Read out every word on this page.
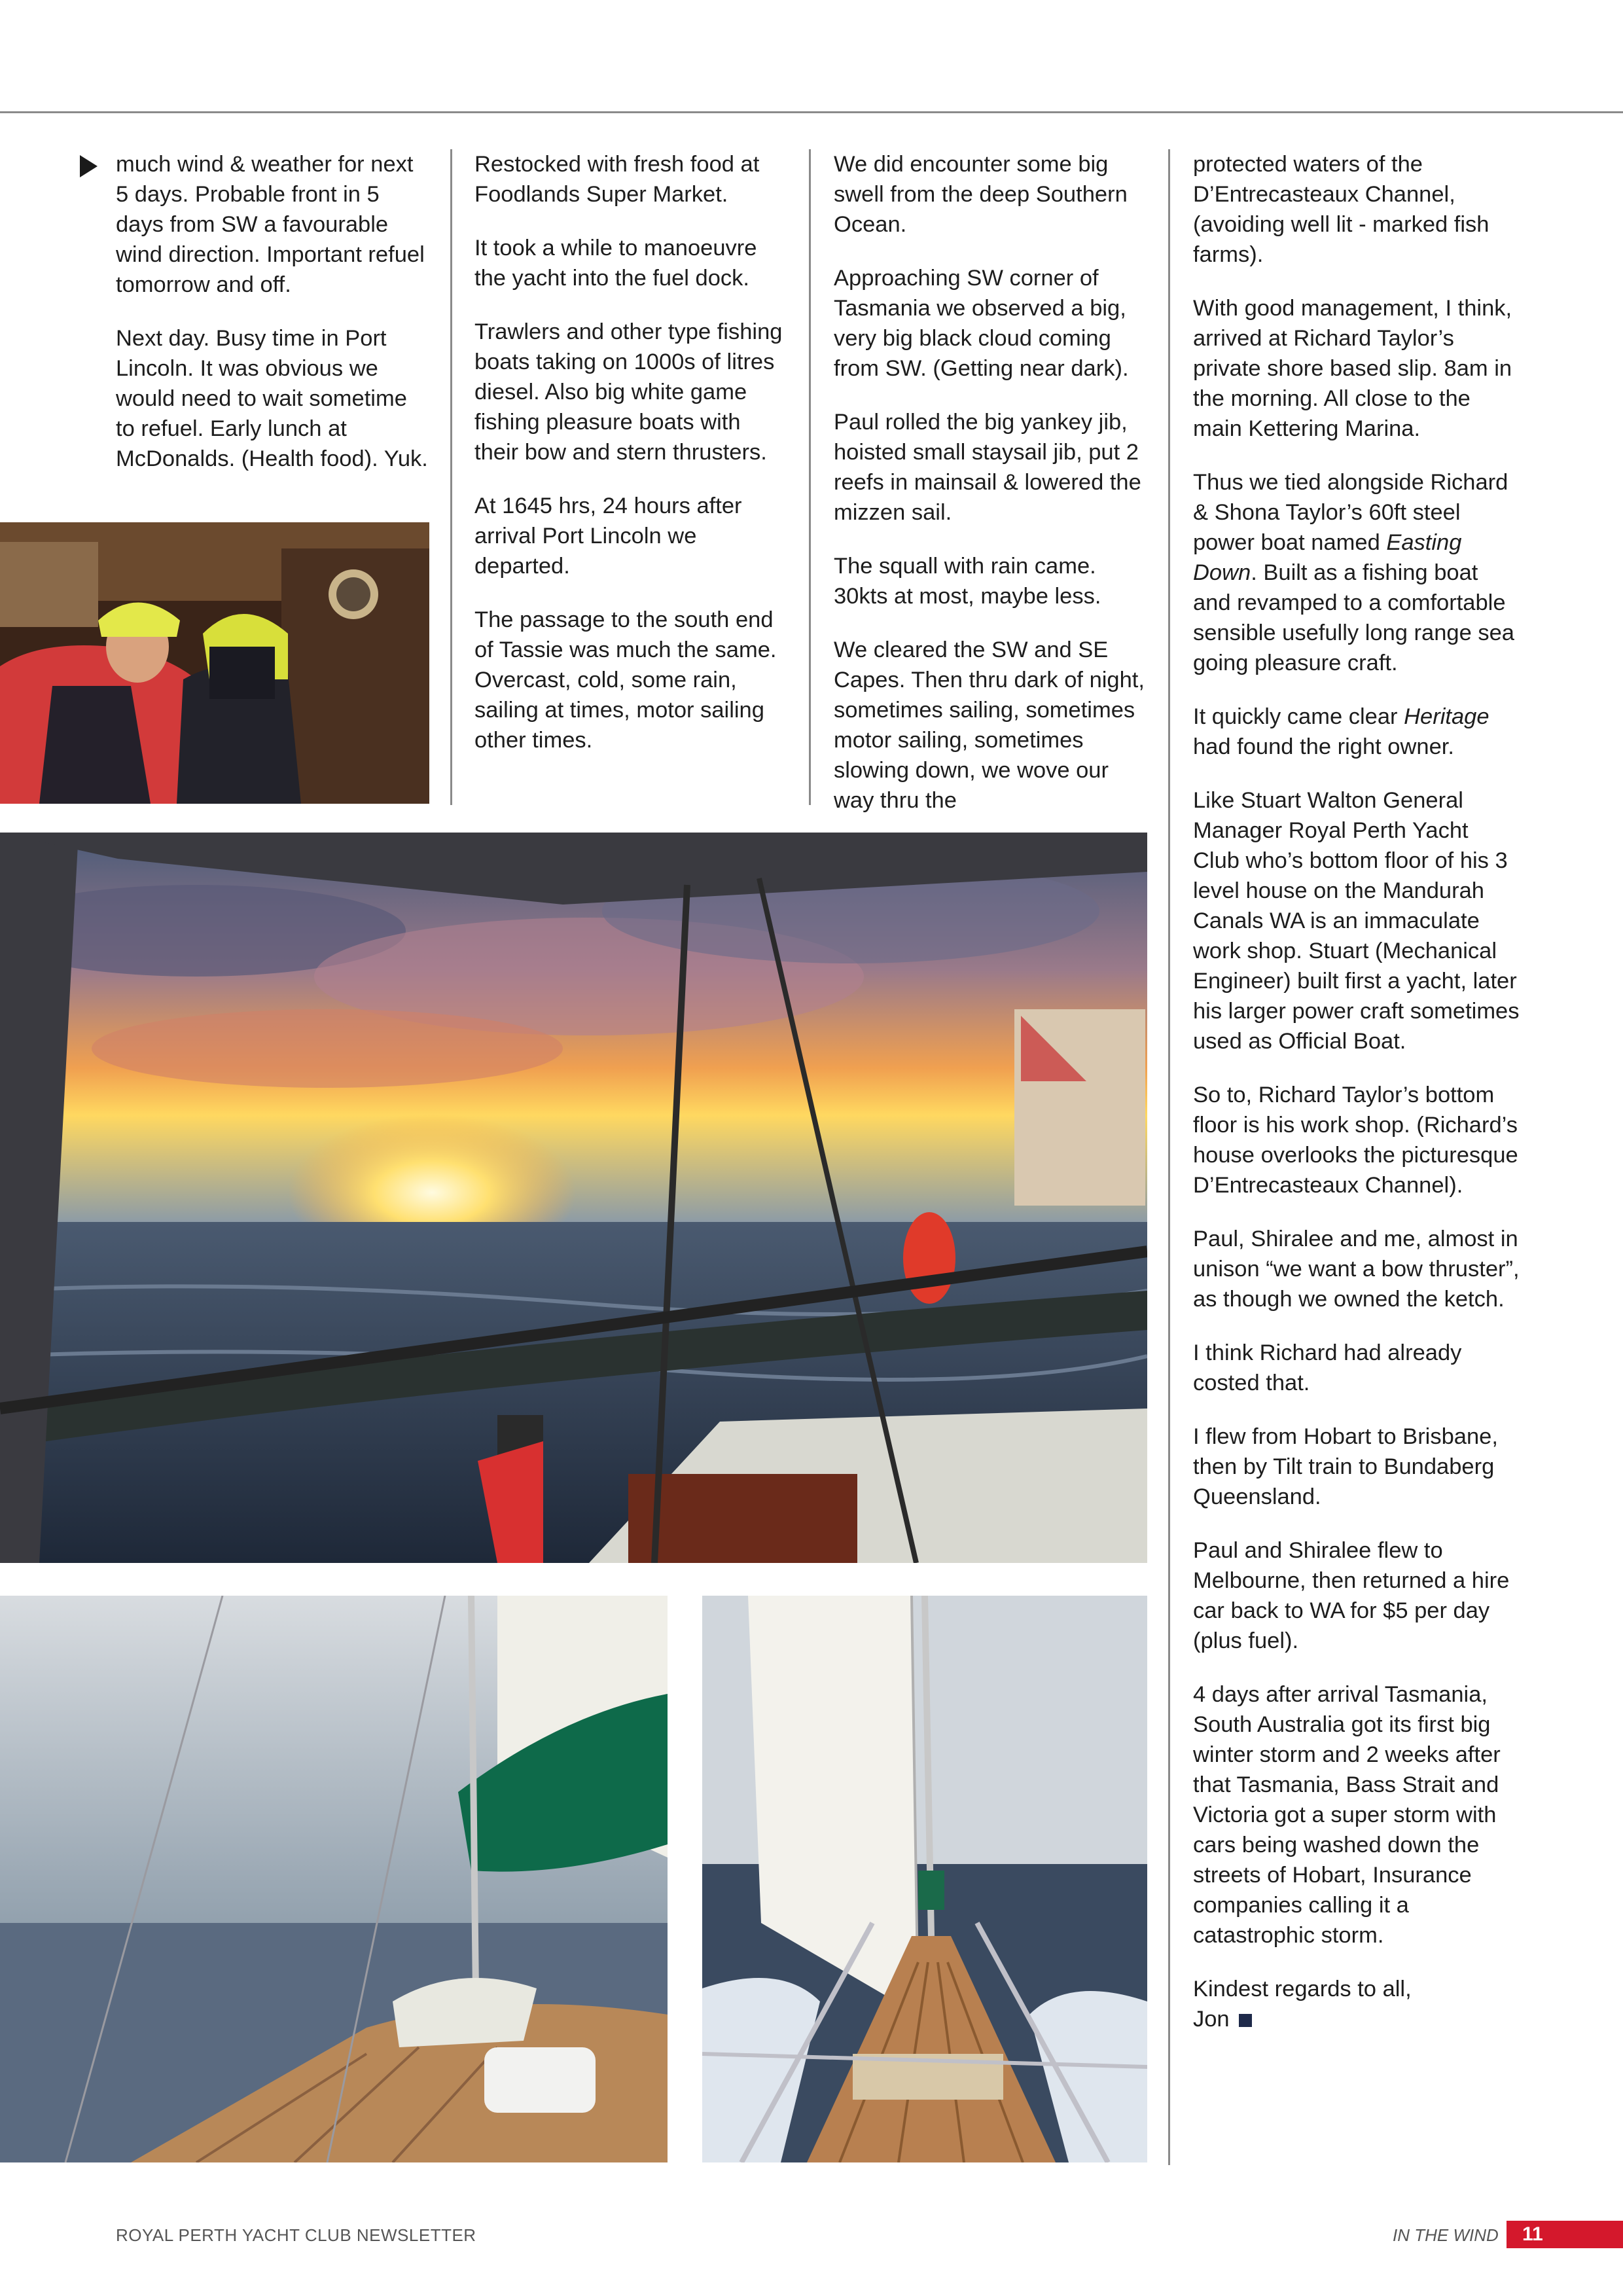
much wind & weather for next 5 days. Probable front in 5 days from SW a favourable wind direction. Important refuel tomorrow and off.

Next day. Busy time in Port Lincoln. It was obvious we would need to wait sometime to refuel. Early lunch at McDonalds. (Health food). Yuk.

Restocked with fresh food at Foodlands Super Market.

It took a while to manoeuvre the yacht into the fuel dock.

Trawlers and other type fishing boats taking on 1000s of litres diesel. Also big white game fishing pleasure boats with their bow and stern thrusters.

At 1645 hrs, 24 hours after arrival Port Lincoln we departed.

The passage to the south end of Tassie was much the same. Overcast, cold, some rain, sailing at times, motor sailing other times.

We did encounter some big swell from the deep Southern Ocean.

Approaching SW corner of Tasmania we observed a big, very big black cloud coming from SW. (Getting near dark).

Paul rolled the big yankey jib, hoisted small staysail jib, put 2 reefs in mainsail & lowered the mizzen sail.

The squall with rain came. 30kts at most, maybe less.

We cleared the SW and SE Capes. Then thru dark of night, sometimes sailing, sometimes motor sailing, sometimes slowing down, we wove our way thru the

protected waters of the D’Entrecasteaux Channel, (avoiding well lit - marked fish farms).

With good management, I think, arrived at Richard Taylor’s private shore based slip. 8am in the morning. All close to the main Kettering Marina.

Thus we tied alongside Richard & Shona Taylor’s 60ft steel power boat named Easting Down. Built as a fishing boat and revamped to a comfortable sensible usefully long range sea going pleasure craft.

It quickly came clear Heritage had found the right owner.

Like Stuart Walton General Manager Royal Perth Yacht Club who’s bottom floor of his 3 level house on the Mandurah Canals WA is an immaculate work shop. Stuart (Mechanical Engineer) built first a yacht, later his larger power craft sometimes used as Official Boat.

So to, Richard Taylor’s bottom floor is his work shop. (Richard’s house overlooks the picturesque D’Entrecasteaux Channel).

Paul, Shiralee and me, almost in unison “we want a bow thruster”, as though we owned the ketch.

I think Richard had already costed that.

I flew from Hobart to Brisbane, then by Tilt train to Bundaberg Queensland.

Paul and Shiralee flew to Melbourne, then returned a hire car back to WA for $5 per day (plus fuel).

4 days after arrival Tasmania, South Australia got its first big winter storm and 2 weeks after that Tasmania, Bass Strait and Victoria got a super storm with cars being washed down the streets of Hobart, Insurance companies calling it a catastrophic storm.

Kindest regards to all,
Jon

ROYAL PERTH YACHT CLUB NEWSLETTER	IN THE WIND	11
